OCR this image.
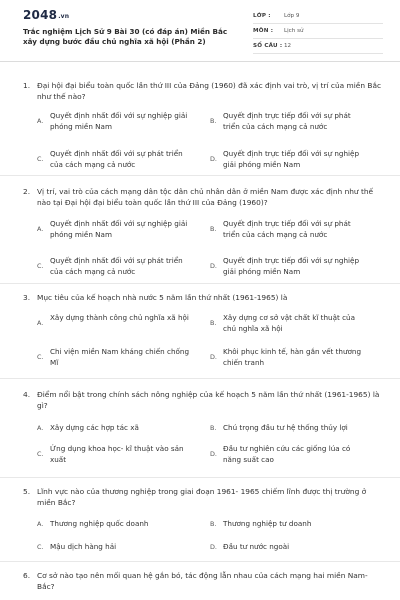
2048.vn
Trắc nghiệm Lịch Sử 9 Bài 30 (có đáp án) Miền Bắc xây dựng bước đầu chủ nghĩa xã hội (Phần 2)
LỚP : Lớp 9
MÔN : Lịch sử
SỐ CÂU : 12
1. Đại hội đại biểu toàn quốc lần thứ III của Đảng (1960) đã xác định vai trò, vị trí của miền Bắc như thế nào?
A.
Quyết định nhất đối với sự nghiệp giải phóng miền Nam
B.
Quyết định trực tiếp đối với sự phát triển của cách mạng cả nước
C.
Quyết định nhất đối với sự phát triển của cách mạng cả nước
D.
Quyết định trực tiếp đối với sự nghiệp giải phóng miền Nam
2. Vị trí, vai trò của cách mạng dân tộc dân chủ nhân dân ở miền Nam được xác định như thế nào tại Đại hội đại biểu toàn quốc lần thứ III của Đảng (1960)?
A.
Quyết định nhất đối với sự nghiệp giải phóng miền Nam
B.
Quyết định trực tiếp đối với sự phát triển của cách mạng cả nước
C.
Quyết định nhất đối với sự phát triển của cách mạng cả nước
D.
Quyết định trực tiếp đối với sự nghiệp giải phóng miền Nam
3. Mục tiêu của kế hoạch nhà nước 5 năm lần thứ nhất (1961-1965) là
A.
Xây dựng thành công chủ nghĩa xã hội
B.
Xây dựng cơ sở vật chất kĩ thuật của chủ nghĩa xã hội
C.
Chi viện miền Nam kháng chiến chống Mĩ
D.
Khôi phục kinh tế, hàn gắn vết thương chiến tranh
4. Điểm nổi bật trong chính sách nông nghiệp của kế hoạch 5 năm lần thứ nhất (1961-1965) là gì?
A. Xây dựng các hợp tác xã	B. Chú trọng đầu tư hệ thống thủy lợi
C.
Ứng dụng khoa học- kĩ thuật vào sản xuất
D.
Đầu tư nghiên cứu các giống lúa có năng suất cao
5. Lĩnh vực nào của thương nghiệp trong giai đoạn 1961- 1965 chiếm lĩnh được thị trường ở miền Bắc?
A. Thương nghiệp quốc doanh	B. Thương nghiệp tư doanh
C. Mậu dịch hàng hải	D. Đầu tư nước ngoài
6. Cơ sở nào tạo nên mối quan hệ gắn bó, tác động lẫn nhau của cách mạng hai miền Nam- Bắc?
